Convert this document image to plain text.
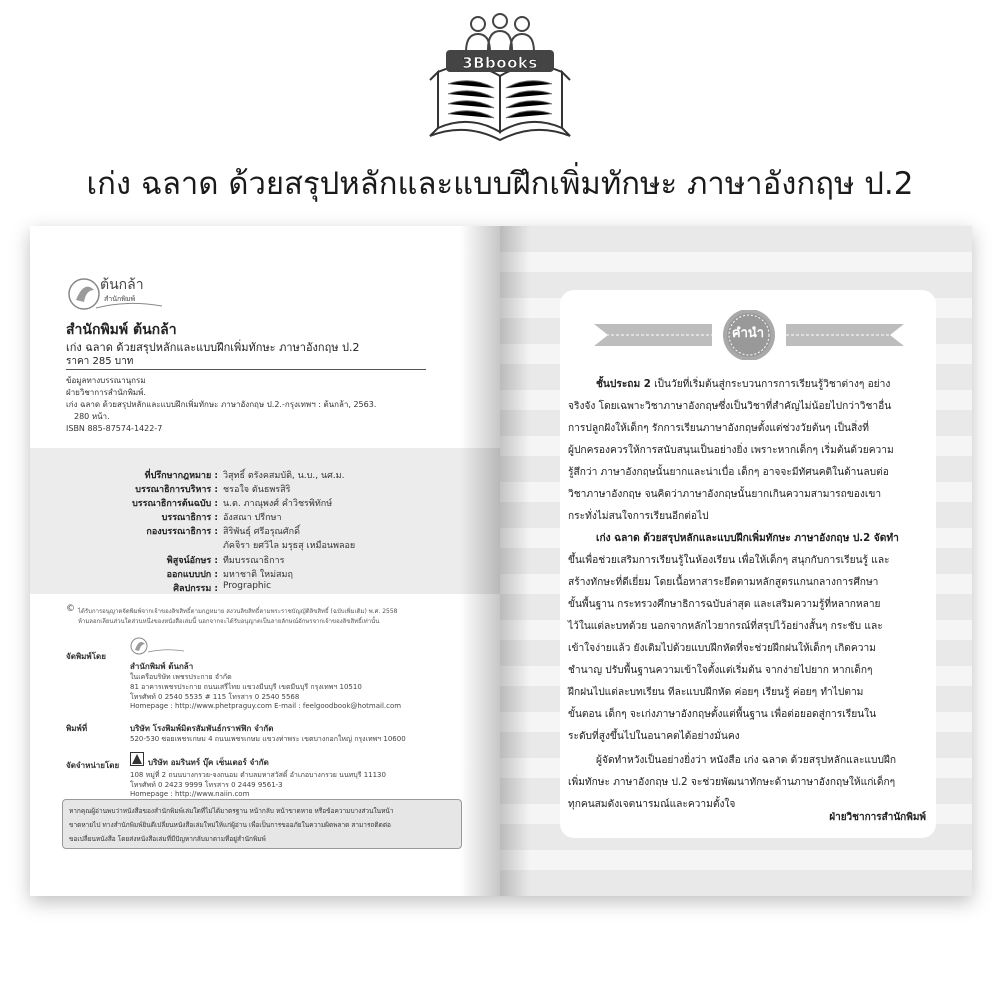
3Bbooks
เก่ง ฉลาด ด้วยสรุปหลักและแบบฝึกเพิ่มทักษะ ภาษาอังกฤษ ป.2
ต้นกล้า
สำนักพิมพ์
สำนักพิมพ์ ต้นกล้า
เก่ง ฉลาด ด้วยสรุปหลักและแบบฝึกเพิ่มทักษะ ภาษาอังกฤษ ป.2
ราคา 285 บาท
ข้อมูลทางบรรณานุกรม
ฝ่ายวิชาการสำนักพิมพ์.
เก่ง ฉลาด ด้วยสรุปหลักและแบบฝึกเพิ่มทักษะ ภาษาอังกฤษ ป.2.-กรุงเทพฯ : ต้นกล้า, 2563.
280 หน้า.
ISBN 885-87574-1422-7
ที่ปรึกษากฎหมาย : วิสุทธิ์ ตรังคสมบัติ, น.บ., นศ.ม.
บรรณาธิการบริหาร : ชรอใจ ตันธพรสิริ
บรรณาธิการต้นฉบับ : น.ต. ภาณุพงศ์ คำวิชรพิทักษ์
บรรณาธิการ : อังสณา ปรีกษา
กองบรรณาธิการ : สิริพันธุ์ ศรีอรุณศักดิ์
ภัคจิรา ยศวิไล มรุธสุ เหมือนพลอย
พิสูจน์อักษร : ทีมบรรณาธิการ
ออกแบบปก : มหาชาติ ใหม่สมฤ
ศิลปกรรม : Prographic
© ได้รับการอนุญาตจัดพิมพ์จากเจ้าของลิขสิทธิ์ตามกฎหมาย สงวนลิขสิทธิ์ตามพระราชบัญญัติลิขสิทธิ์ (ฉบับเพิ่มเติม) พ.ศ. 2558
ห้ามลอกเลียนส่วนใดส่วนหนึ่งของหนังสือเล่มนี้ นอกจากจะได้รับอนุญาตเป็นลายลักษณ์อักษรจากเจ้าของลิขสิทธิ์เท่านั้น
จัดพิมพ์โดย
สำนักพิมพ์ ต้นกล้า
ในเครือบริษัท เพชรประกาย จำกัด
81 อาคารเพชรประกาย ถนนเสรีไทย แขวงมีนบุรี เขตมีนบุรี กรุงเทพฯ 10510
โทรศัพท์ 0 2540 5535 # 115 โทรสาร 0 2540 5568
Homepage : http://www.phetpraguy.com E-mail : feelgoodbook@hotmail.com
พิมพ์ที่	บริษัท โรงพิมพ์มิตรสัมพันธ์กราฟฟิก จำกัด
520-530 ซอยเพชรเกษม 4 ถนนเพชรเกษม แขวงท่าพระ เขตบางกอกใหญ่ กรุงเทพฯ 10600
จัดจำหน่ายโดย	บริษัท อมรินทร์ บุ๊ค เซ็นเตอร์ จำกัด
108 หมู่ที่ 2 ถนนบางกรวย-จงถนอม ตำบลมหาสวัสดิ์ อำเภอบางกรวย นนทบุรี 11130
โทรศัพท์ 0 2423 9999 โทรสาร 0 2449 9561-3
Homepage : http://www.naiin.com
หากคุณผู้อ่านพบว่าหนังสือของสำนักพิมพ์เล่มใดที่ไม่ได้มาตรฐาน หน้ากลับ หน้าขาดหาย หรือข้อความบางส่วนในหน้า
ขาดหายไป ทางสำนักพิมพ์ยินดีเปลี่ยนหนังสือเล่มใหม่ให้แก่ผู้อ่าน เพื่อเป็นการขออภัยในความผิดพลาด สามารถติดต่อ
ขอเปลี่ยนหนังสือ โดยส่งหนังสือเล่มที่มีปัญหากลับมาตามที่อยู่สำนักพิมพ์
คำนำ
ชั้นประถม 2 เป็นวัยที่เริ่มต้นสู่กระบวนการการเรียนรู้วิชาต่างๆ อย่าง
จริงจัง โดยเฉพาะวิชาภาษาอังกฤษซึ่งเป็นวิชาที่สำคัญไม่น้อยไปกว่าวิชาอื่น
การปลูกฝังให้เด็กๆ รักการเรียนภาษาอังกฤษตั้งแต่ช่วงวัยต้นๆ เป็นสิ่งที่
ผู้ปกครองควรให้การสนับสนุนเป็นอย่างยิ่ง เพราะหากเด็กๆ เริ่มต้นด้วยความ
รู้สึกว่า ภาษาอังกฤษนั้นยากและน่าเบื่อ เด็กๆ อาจจะมีทัศนคติในด้านลบต่อ
วิชาภาษาอังกฤษ จนคิดว่าภาษาอังกฤษนั้นยากเกินความสามารถของเขา
กระทั่งไม่สนใจการเรียนอีกต่อไป
เก่ง ฉลาด ด้วยสรุปหลักและแบบฝึกเพิ่มทักษะ ภาษาอังกฤษ ป.2 จัดทำ
ขึ้นเพื่อช่วยเสริมการเรียนรู้ในห้องเรียน เพื่อให้เด็กๆ สนุกกับการเรียนรู้ และ
สร้างทักษะที่ดีเยี่ยม โดยเนื้อหาสาระยึดตามหลักสูตรแกนกลางการศึกษา
ขั้นพื้นฐาน กระทรวงศึกษาธิการฉบับล่าสุด และเสริมความรู้ที่หลากหลาย
ไว้ในแต่ละบทด้วย นอกจากหลักไวยากรณ์ที่สรุปไว้อย่างสั้นๆ กระชับ และ
เข้าใจง่ายแล้ว ยังเติมไปด้วยแบบฝึกหัดที่จะช่วยฝึกฝนให้เด็กๆ เกิดความ
ชำนาญ ปรับพื้นฐานความเข้าใจตั้งแต่เริ่มต้น จากง่ายไปยาก หากเด็กๆ
ฝึกฝนไปแต่ละบทเรียน ทีละแบบฝึกหัด ค่อยๆ เรียนรู้ ค่อยๆ ทำไปตาม
ขั้นตอน เด็กๆ จะเก่งภาษาอังกฤษตั้งแต่พื้นฐาน เพื่อต่อยอดสู่การเรียนใน
ระดับที่สูงขึ้นไปในอนาคตได้อย่างมั่นคง
ผู้จัดทำหวังเป็นอย่างยิ่งว่า หนังสือ เก่ง ฉลาด ด้วยสรุปหลักและแบบฝึก
เพิ่มทักษะ ภาษาอังกฤษ ป.2 จะช่วยพัฒนาทักษะด้านภาษาอังกฤษให้แก่เด็กๆ
ทุกคนสมดังเจตนารมณ์และความตั้งใจ
ฝ่ายวิชาการสำนักพิมพ์
